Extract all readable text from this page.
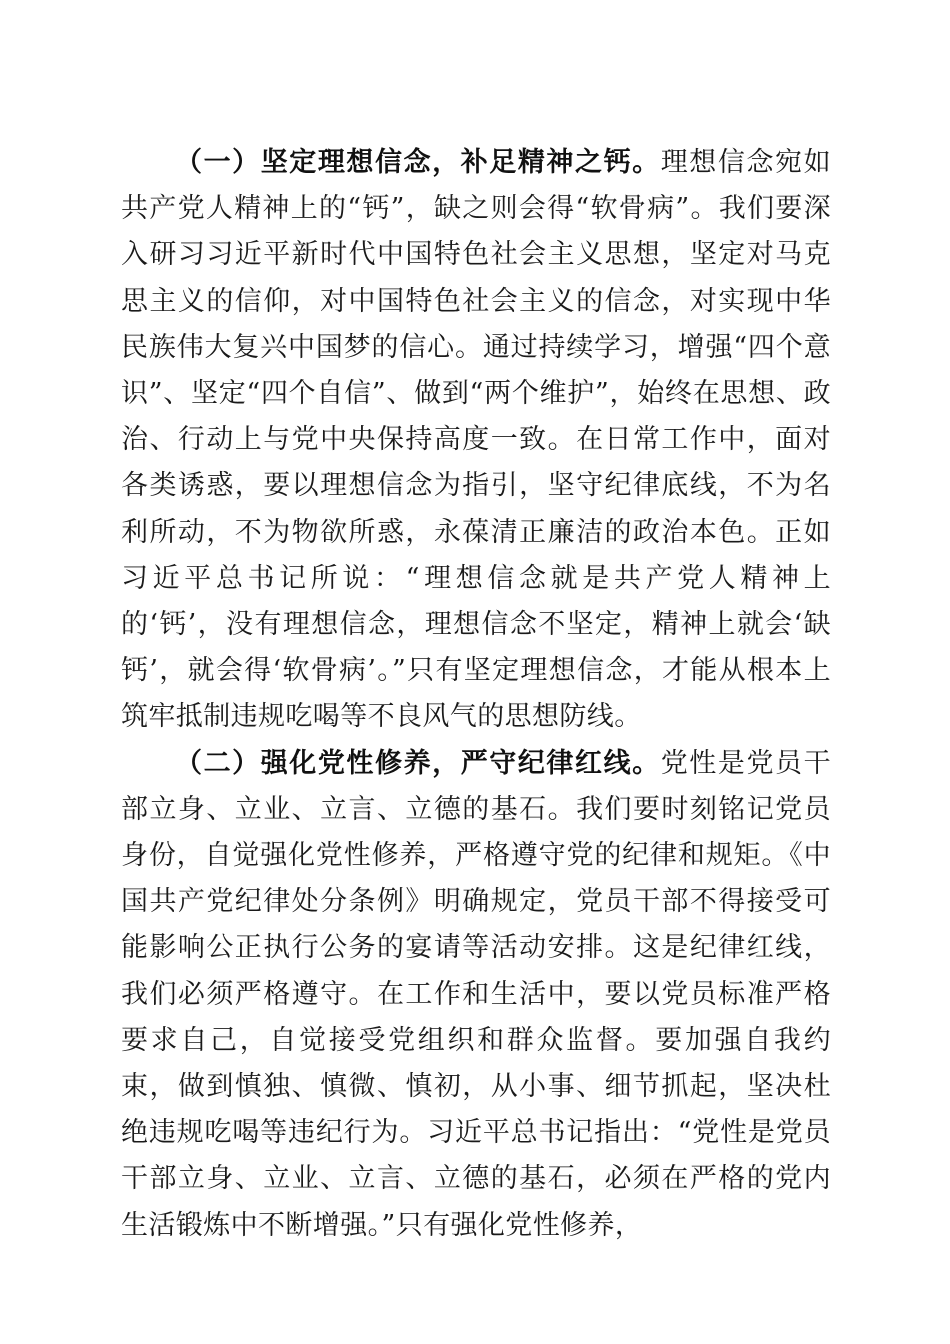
（一）坚定理想信念，补足精神之钙。理想信念宛如共产党人精神上的“钙”，缺之则会得“软骨病”。我们要深入研习习近平新时代中国特色社会主义思想，坚定对马克思主义的信仰，对中国特色社会主义的信念，对实现中华民族伟大复兴中国梦的信心。通过持续学习，增强“四个意识”、坚定“四个自信”、做到“两个维护”，始终在思想、政治、行动上与党中央保持高度一致。在日常工作中，面对各类诱惑，要以理想信念为指引，坚守纪律底线，不为名利所动，不为物欲所惑，永葆清正廉洁的政治本色。正如习近平总书记所说：“理想信念就是共产党人精神上的‘钙’，没有理想信念，理想信念不坚定，精神上就会‘缺钙’，就会得‘软骨病’。”只有坚定理想信念，才能从根本上筑牢抵制违规吃喝等不良风气的思想防线。

（二）强化党性修养，严守纪律红线。党性是党员干部立身、立业、立言、立德的基石。我们要时刻铭记党员身份，自觉强化党性修养，严格遵守党的纪律和规矩。《中国共产党纪律处分条例》明确规定，党员干部不得接受可能影响公正执行公务的宴请等活动安排。这是纪律红线，我们必须严格遵守。在工作和生活中，要以党员标准严格要求自己，自觉接受党组织和群众监督。要加强自我约束，做到慎独、慎微、慎初，从小事、细节抓起，坚决杜绝违规吃喝等违纪行为。习近平总书记指出：“党性是党员干部立身、立业、立言、立德的基石，必须在严格的党内生活锻炼中不断增强。”只有强化党性修养，
